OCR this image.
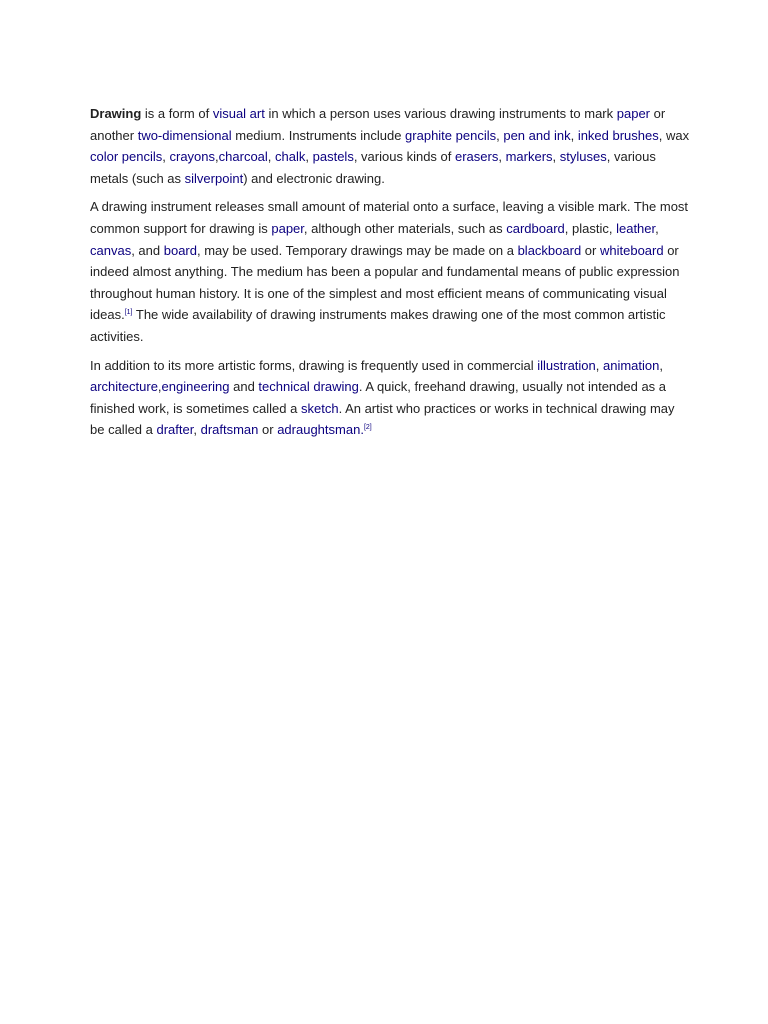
Drawing is a form of visual art in which a person uses various drawing instruments to mark paper or another two-dimensional medium. Instruments include graphite pencils, pen and ink, inked brushes, wax color pencils, crayons,charcoal, chalk, pastels, various kinds of erasers, markers, styluses, various metals (such as silverpoint) and electronic drawing.

A drawing instrument releases small amount of material onto a surface, leaving a visible mark. The most common support for drawing is paper, although other materials, such as cardboard, plastic, leather, canvas, and board, may be used. Temporary drawings may be made on a blackboard or whiteboard or indeed almost anything. The medium has been a popular and fundamental means of public expression throughout human history. It is one of the simplest and most efficient means of communicating visual ideas.[1] The wide availability of drawing instruments makes drawing one of the most common artistic activities.

In addition to its more artistic forms, drawing is frequently used in commercial illustration, animation, architecture,engineering and technical drawing. A quick, freehand drawing, usually not intended as a finished work, is sometimes called a sketch. An artist who practices or works in technical drawing may be called a drafter, draftsman or adraughtsman.[2]
